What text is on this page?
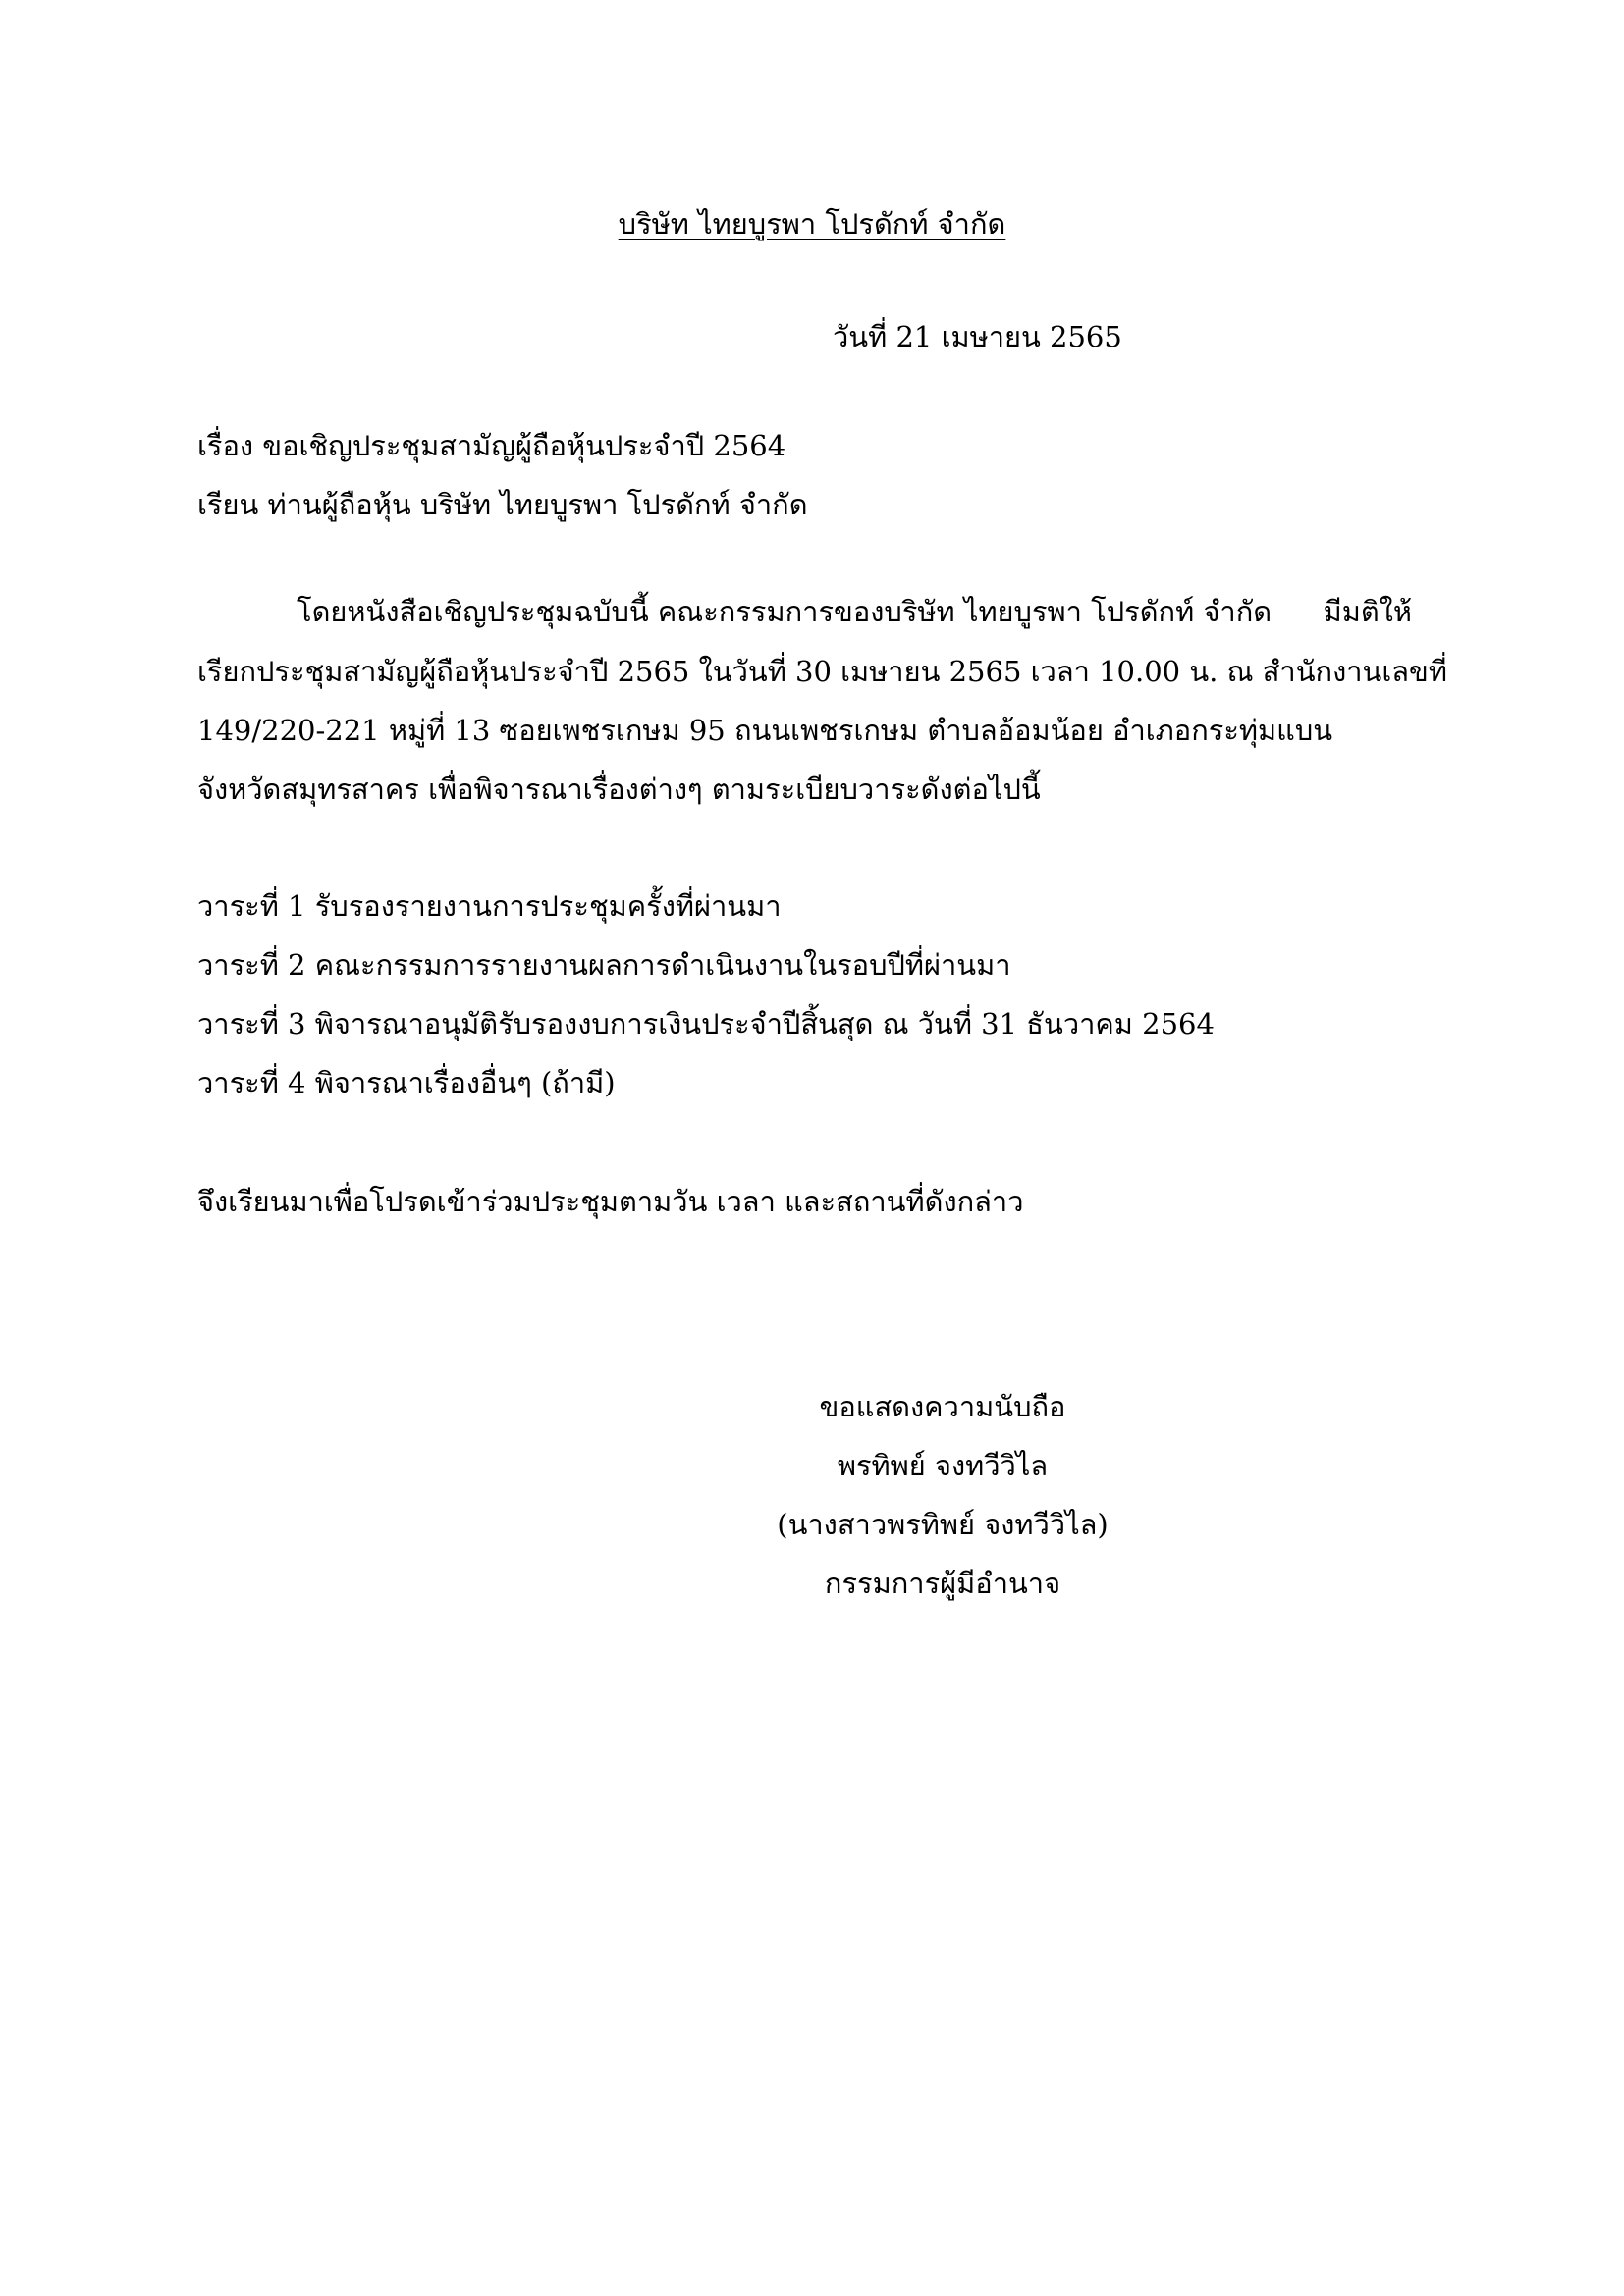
บริษัท ไทยบูรพา โปรดักท์ จำกัด
วันที่ 21 เมษายน 2565
เรื่อง ขอเชิญประชุมสามัญผู้ถือหุ้นประจำปี 2564
เรียน ท่านผู้ถือหุ้น บริษัท ไทยบูรพา โปรดักท์ จำกัด
โดยหนังสือเชิญประชุมฉบับนี้ คณะกรรมการของบริษัท ไทยบูรพา โปรดักท์ จำกัด มีมติให้
เรียกประชุมสามัญผู้ถือหุ้นประจำปี 2565 ในวันที่ 30 เมษายน 2565 เวลา 10.00 น. ณ สำนักงานเลขที่
149/220-221 หมู่ที่ 13 ซอยเพชรเกษม 95 ถนนเพชรเกษม ตำบลอ้อมน้อย อำเภอกระทุ่มแบน
จังหวัดสมุทรสาคร เพื่อพิจารณาเรื่องต่างๆ ตามระเบียบวาระดังต่อไปนี้
วาระที่ 1 รับรองรายงานการประชุมครั้งที่ผ่านมา
วาระที่ 2 คณะกรรมการรายงานผลการดำเนินงานในรอบปีที่ผ่านมา
วาระที่ 3 พิจารณาอนุมัติรับรองงบการเงินประจำปีสิ้นสุด ณ วันที่ 31 ธันวาคม 2564
วาระที่ 4 พิจารณาเรื่องอื่นๆ (ถ้ามี)
จึงเรียนมาเพื่อโปรดเข้าร่วมประชุมตามวัน เวลา และสถานที่ดังกล่าว
ขอแสดงความนับถือ
พรทิพย์ จงทวีวิไล
(นางสาวพรทิพย์ จงทวีวิไล)
กรรมการผู้มีอำนาจ
